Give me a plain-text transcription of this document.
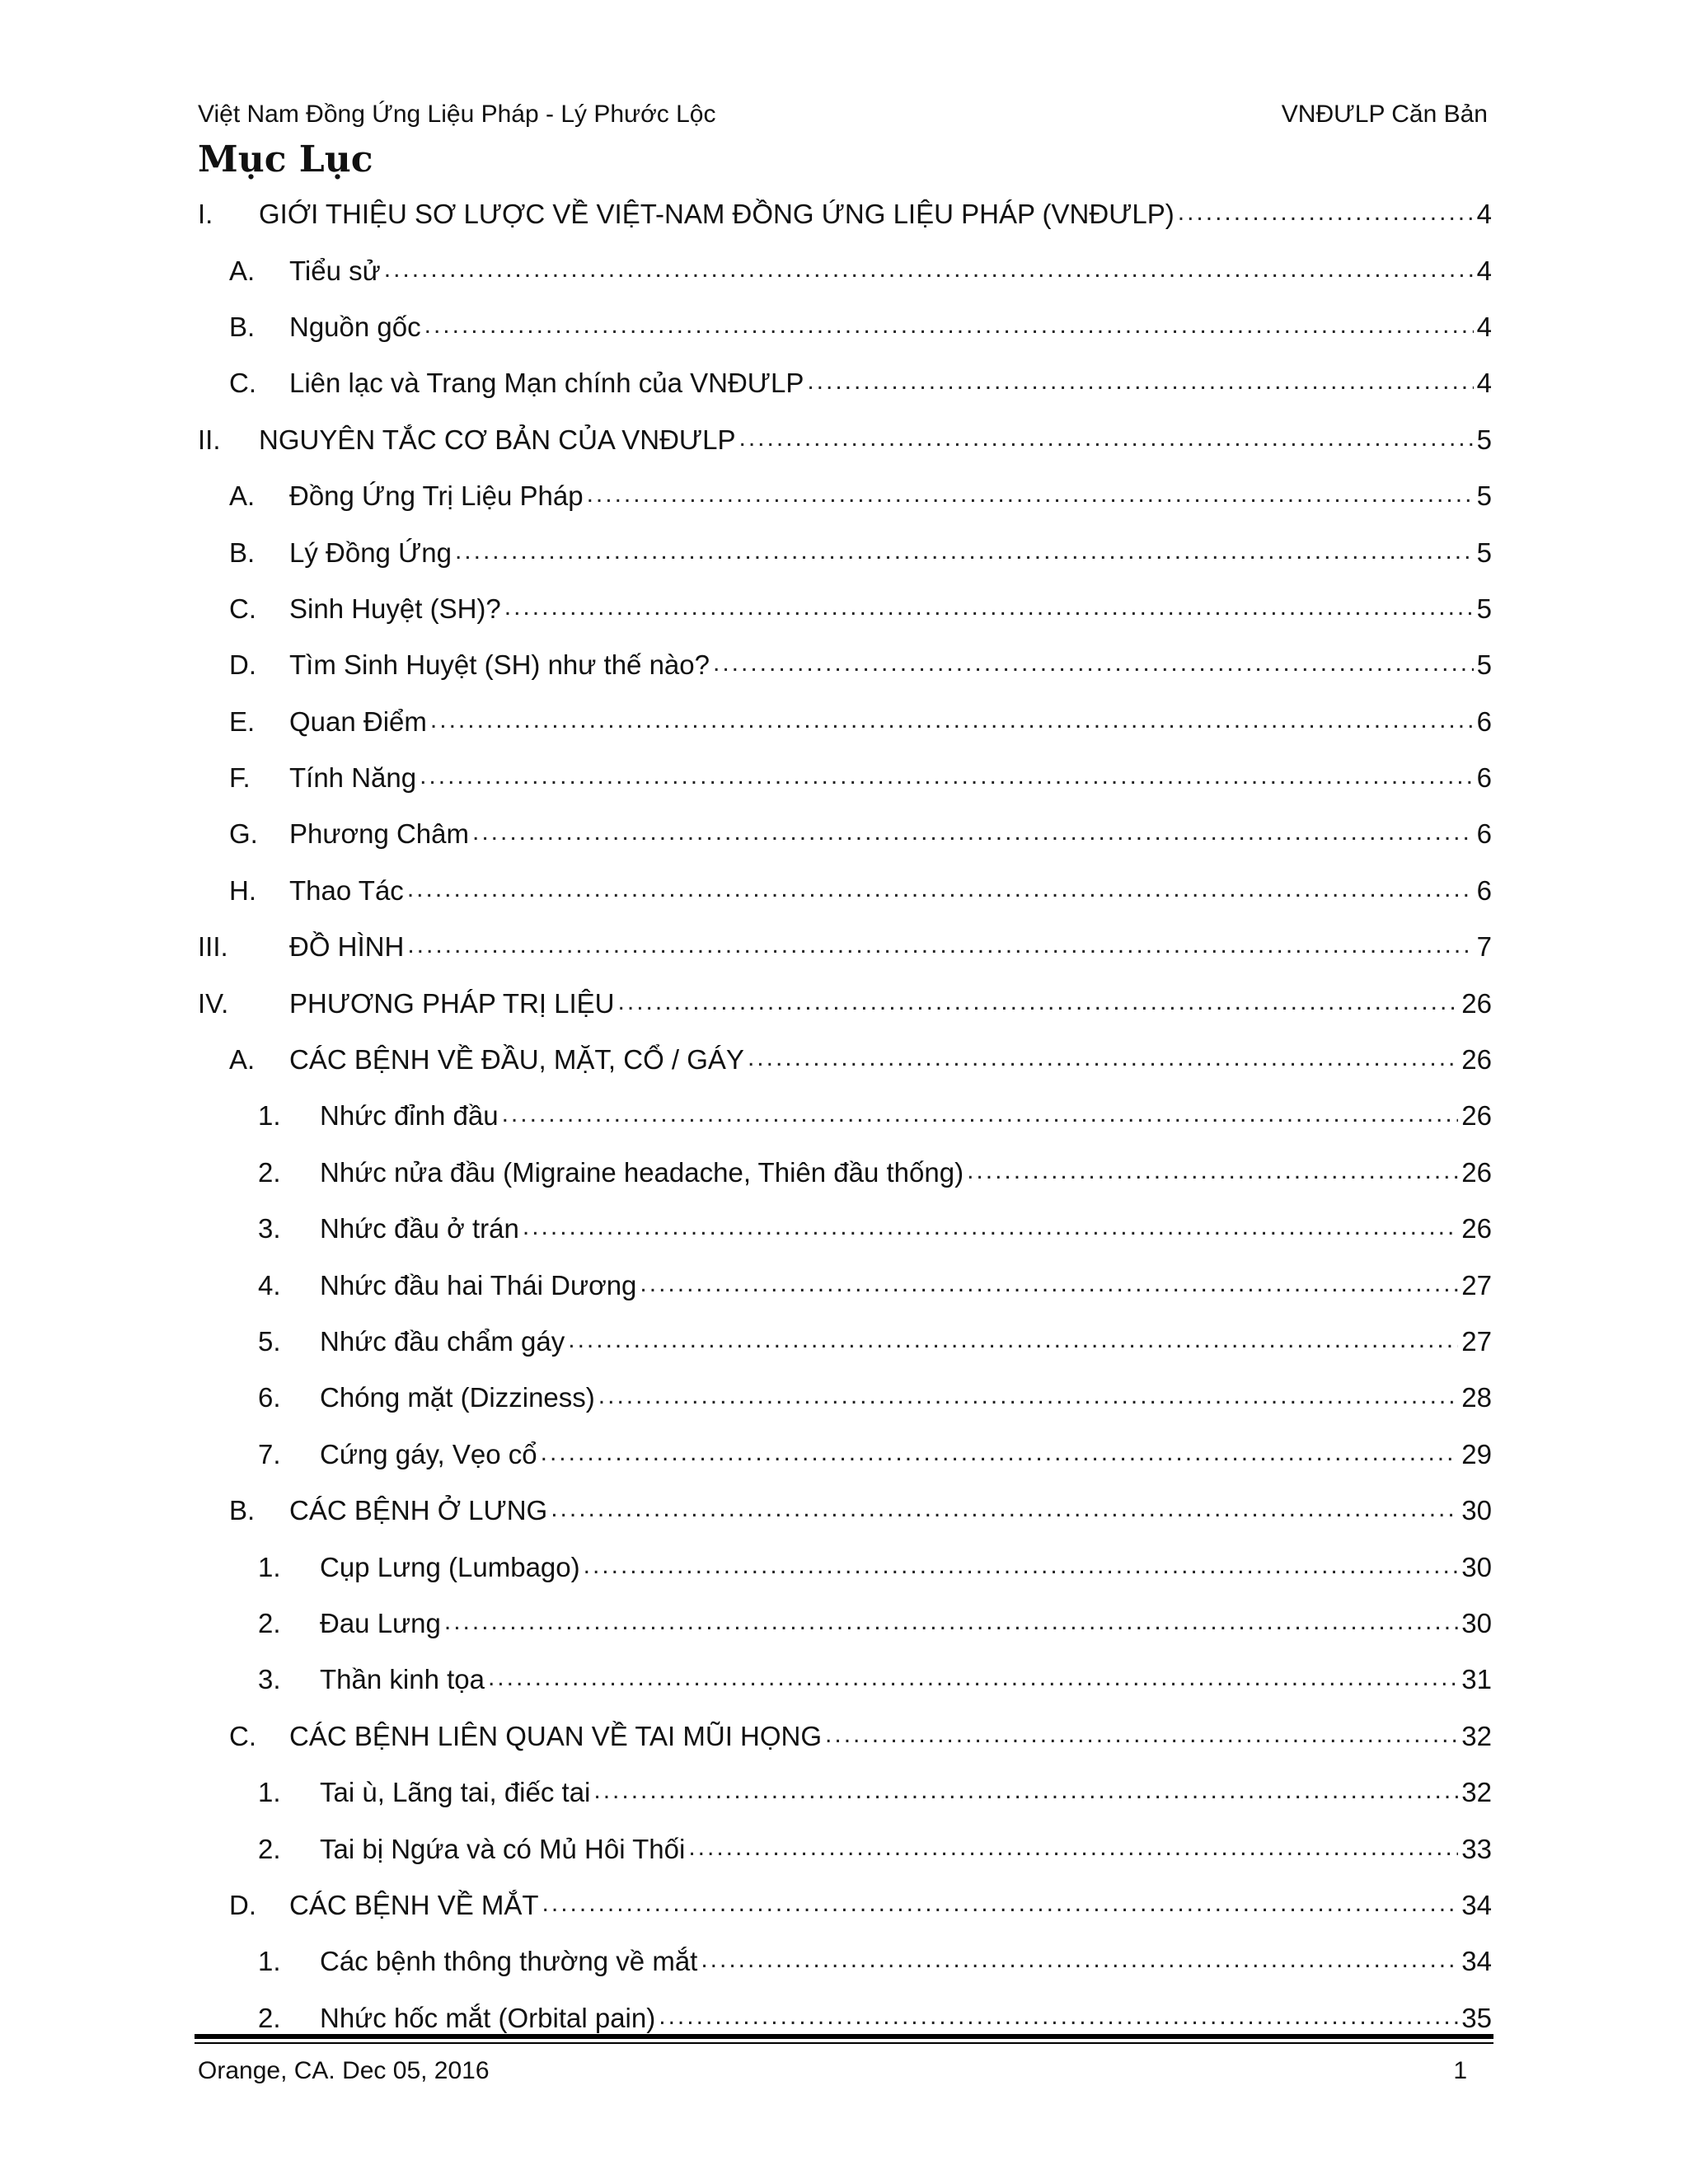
Việt Nam Đồng Ứng Liệu Pháp - Lý Phước Lộc	VNĐƯLP Căn Bản
Mục Lục
I.	GIỚI THIỆU SƠ LƯỢC VỀ VIỆT-NAM ĐỒNG ỨNG LIỆU PHÁP (VNĐƯLP) .....	4
A.	Tiểu sử .....	4
B.	Nguồn gốc .....	4
C.	Liên lạc và Trang Mạn chính của VNĐƯLP .....	4
II.	NGUYÊN TẮC CƠ BẢN CỦA VNĐƯLP .....	5
A.	Đồng Ứng Trị Liệu Pháp .....	5
B.	Lý Đồng Ứng .....	5
C.	Sinh Huyệt (SH)? .....	5
D.	Tìm Sinh Huyệt (SH) như thế nào? .....	5
E.	Quan Điểm .....	6
F.	Tính Năng .....	6
G.	Phương Châm .....	6
H.	Thao Tác .....	6
III.	ĐỒ HÌNH .....	7
IV.	PHƯƠNG PHÁP TRỊ LIỆU .....	26
A.	CÁC BỆNH VỀ ĐẦU, MẶT, CỔ / GÁY .....	26
1.	Nhức đỉnh đầu .....	26
2.	Nhức nửa đầu (Migraine headache, Thiên đầu thống) .....	26
3.	Nhức đầu ở trán .....	26
4.	Nhức đầu hai Thái Dương .....	27
5.	Nhức đầu chẩm gáy .....	27
6.	Chóng mặt (Dizziness) .....	28
7.	Cứng gáy, Vẹo cổ .....	29
B.	CÁC BỆNH Ở LƯNG .....	30
1.	Cụp Lưng (Lumbago) .....	30
2.	Đau Lưng .....	30
3.	Thần kinh tọa .....	31
C.	CÁC BỆNH LIÊN QUAN VỀ TAI MŨI HỌNG .....	32
1.	Tai ù, Lãng tai, điếc tai .....	32
2.	Tai bị Ngứa và có Mủ Hôi Thối .....	33
D.	CÁC BỆNH VỀ MẮT .....	34
1.	Các bệnh thông thường về mắt .....	34
2.	Nhức hốc mắt (Orbital pain) .....	35
Orange, CA. Dec 05, 2016	1
